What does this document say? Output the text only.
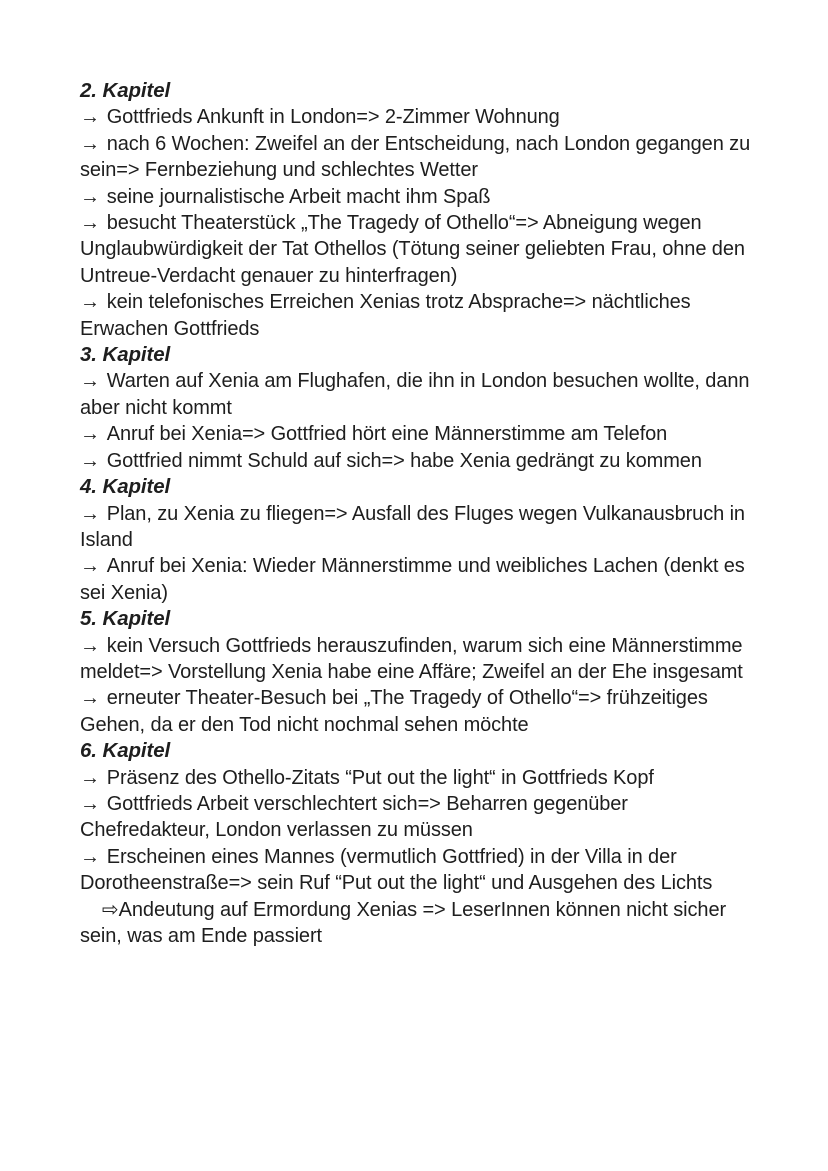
2. Kapitel

→ Gottfrieds Ankunft in London=> 2-Zimmer Wohnung

→ nach 6 Wochen: Zweifel an der Entscheidung, nach London gegangen zu sein=> Fernbeziehung und schlechtes Wetter

→ seine journalistische Arbeit macht ihm Spaß

→ besucht Theaterstück „The Tragedy of Othello“=> Abneigung wegen Unglaubwürdigkeit der Tat Othellos (Tötung seiner geliebten Frau, ohne den Untreue-Verdacht genauer zu hinterfragen)

→ kein telefonisches Erreichen Xenias trotz Absprache=> nächtliches Erwachen Gottfrieds

3. Kapitel

→ Warten auf Xenia am Flughafen, die ihn in London besuchen wollte, dann aber nicht kommt

→ Anruf bei Xenia=> Gottfried hört eine Männerstimme am Telefon

→ Gottfried nimmt Schuld auf sich=> habe Xenia gedrängt zu kommen

4. Kapitel

→ Plan, zu Xenia zu fliegen=> Ausfall des Fluges wegen Vulkanausbruch in Island

→ Anruf bei Xenia: Wieder Männerstimme und weibliches Lachen (denkt es sei Xenia)

5. Kapitel

→ kein Versuch Gottfrieds herauszufinden, warum sich eine Männerstimme meldet=> Vorstellung Xenia habe eine Affäre; Zweifel an der Ehe insgesamt

→ erneuter Theater-Besuch bei „The Tragedy of Othello“=> frühzeitiges Gehen, da er den Tod nicht nochmal sehen möchte

6. Kapitel

→ Präsenz des Othello-Zitats “Put out the light“ in Gottfrieds Kopf

→ Gottfrieds Arbeit verschlechtert sich=> Beharren gegenüber Chefredakteur, London verlassen zu müssen

→ Erscheinen eines Mannes (vermutlich Gottfried) in der Villa in der Dorotheenstraße=> sein Ruf “Put out the light“ und Ausgehen des Lichts

⇨Andeutung auf Ermordung Xenias => LeserInnen können nicht sicher sein, was am Ende passiert
